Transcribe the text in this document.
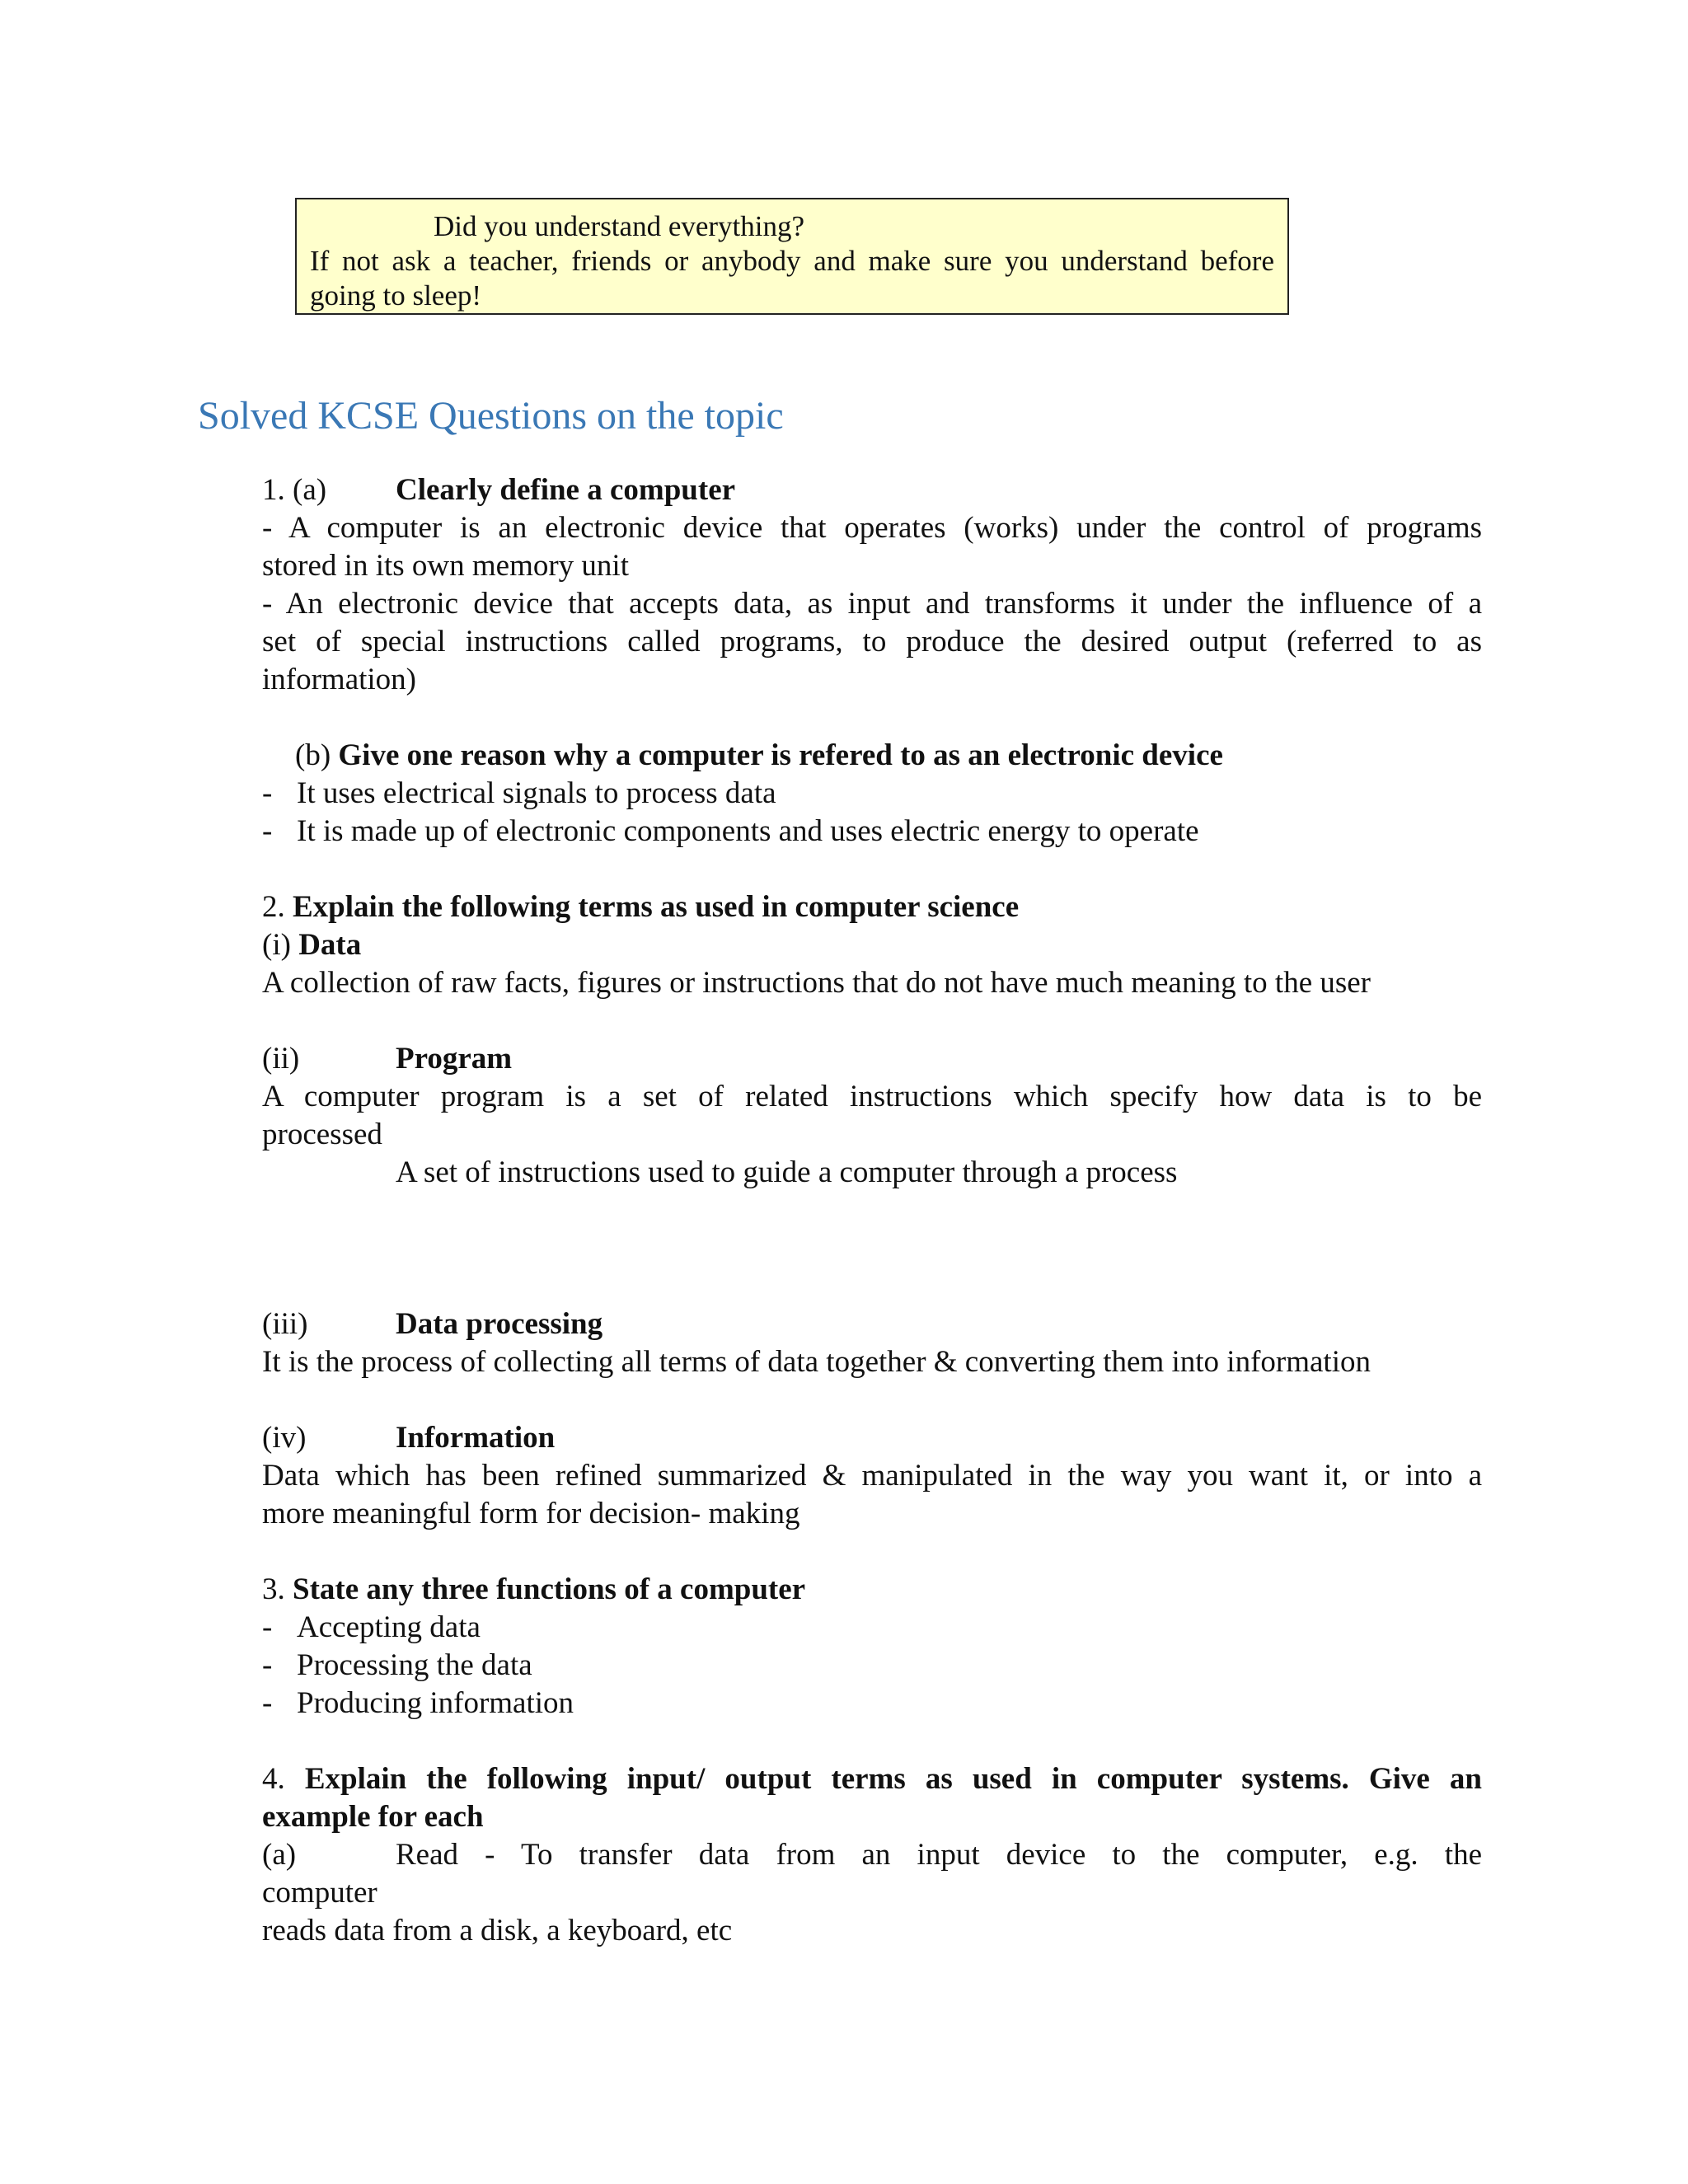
Did you understand everything?
If not ask a teacher, friends or anybody and make sure you understand before
going to sleep!
Solved KCSE Questions on the topic

1. (a) Clearly define a computer

- A computer is an electronic device that operates (works) under the control of programs

stored in its own memory unit

- An electronic device that accepts data, as input and transforms it under the influence of a

set of special instructions called programs, to produce the desired output (referred to as

information)

(b) Give one reason why a computer is refered to as an electronic device

- It uses electrical signals to process data

- It is made up of electronic components and uses electric energy to operate

2. Explain the following terms as used in computer science

(i) Data

A collection of raw facts, figures or instructions that do not have much meaning to the user

(ii)	Program

A computer program is a set of related instructions which specify how data is to be

processed

A set of instructions used to guide a computer through a process

(iii)	Data processing

It is the process of collecting all terms of data together & converting them into information

(iv)	Information

Data which has been refined summarized & manipulated in the way you want it, or into a

more meaningful form for decision- making

3. State any three functions of a computer

- Accepting data

- Processing the data

- Producing information

4. Explain the following input/ output terms as used in computer systems. Give an

example for each

(a)	Read - To transfer data from an input device to the computer, e.g. the

computer

reads data from a disk, a keyboard, etc
